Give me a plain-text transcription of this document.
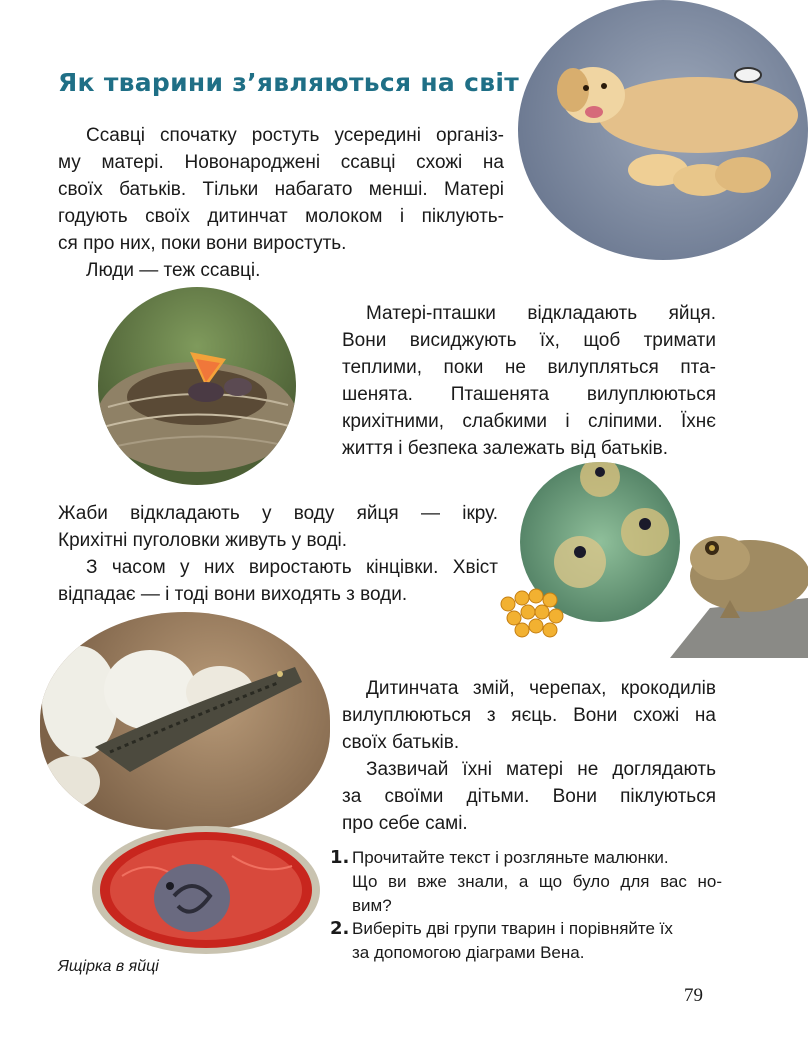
Як тварини з’являються на світ
Ссавці спочатку ростуть усередині організ-
му матері. Новонароджені ссавці схожі на
своїх батьків. Тільки набагато менші. Матері
годують своїх дитинчат молоком і піклують-
ся про них, поки вони виростуть.
Люди — теж ссавці.
Матері-пташки відкладають яйця.
Вони висиджують їх, щоб тримати
теплими, поки не вилупляться пта-
шенята. Пташенята вилуплюються
крихітними, слабкими і сліпими. Їхнє
життя і безпека залежать від батьків.
Жаби відкладають у воду яйця — ікру.
Крихітні пуголовки живуть у воді.
З часом у них виростають кінцівки. Хвіст
відпадає — і тоді вони виходять з води.
Дитинчата змій, черепах, крокодилів
вилуплюються з яєць. Вони схожі на
своїх батьків.
Зазвичай їхні матері не доглядають
за своїми дітьми. Вони піклуються
про себе самі.
1. Прочитайте текст і розгляньте малюнки.
Що ви вже знали, а що було для вас но-
вим?
2. Виберіть дві групи тварин і порівняйте їх
за допомогою діаграми Вена.
Ящірка в яйці
79
